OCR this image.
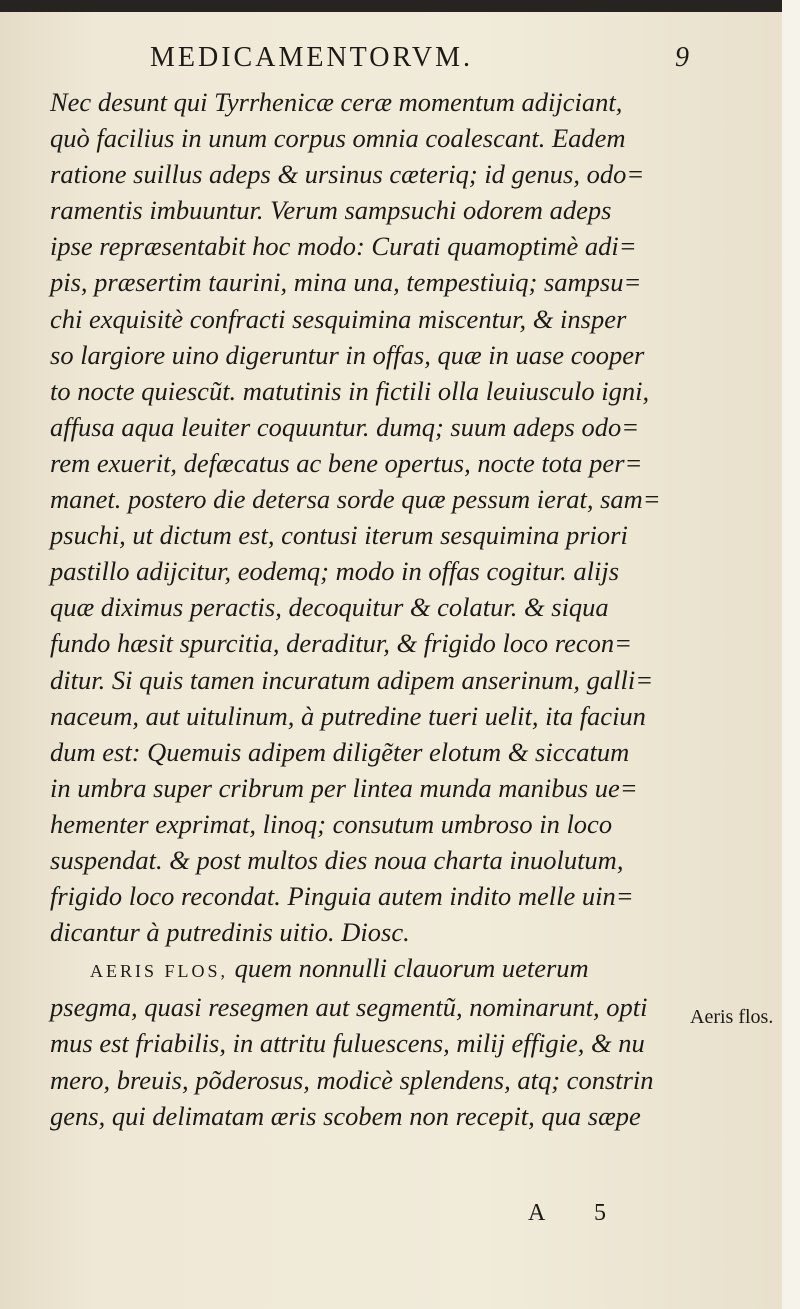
MEDICAMENTORVM.	9
Nec desunt qui Tyrrhenicæ ceræ momentum adijciant,
quò facilius in unum corpus omnia coalescant. Eadem
ratione suillus adeps & ursinus cæteriq; id genus, odo=
ramentis imbuuntur. Verum sampsuchi odorem adeps
ipse repræsentabit hoc modo: Curati quamoptimè adi=
pis, præsertim taurini, mina una, tempestiuiq; sampsu=
chi exquisitè confracti sesquimina miscentur, & insper
so largiore uino digeruntur in offas, quæ in uase cooper
to nocte quiescũt. matutinis in fictili olla leuiusculo igni,
affusa aqua leuiter coquuntur. dumq; suum adeps odo=
rem exuerit, defæcatus ac bene opertus, nocte tota per=
manet. postero die detersa sorde quæ pessum ierat, sam=
psuchi, ut dictum est, contusi iterum sesquimina priori
pastillo adijcitur, eodemq; modo in offas cogitur. alijs
quæ diximus peractis, decoquitur & colatur. & siqua
fundo hæsit spurcitia, deraditur, & frigido loco recon=
ditur. Si quis tamen incuratum adipem anserinum, galli=
naceum, aut uitulinum, à putredine tueri uelit, ita faciun
dum est: Quemuis adipem diligẽter elotum & siccatum
in umbra super cribrum per lintea munda manibus ue=
hementer exprimat, linoq; consutum umbroso in loco
suspendat. & post multos dies noua charta inuolutum,
frigido loco recondat. Pinguia autem indito melle uin=
dicantur à putredinis uitio. Diosc.
AERIS FLOS, quem nonnulli clauorum ueterum
psegma, quasi resegmen aut segmentũ, nominarunt, opti
mus est friabilis, in attritu fuluescens, milij effigie, & nu
mero, breuis, põderosus, modicè splendens, atq; constrin
gens, qui delimatam æris scobem non recepit, qua sæpe
Aeris flos.
A 5
